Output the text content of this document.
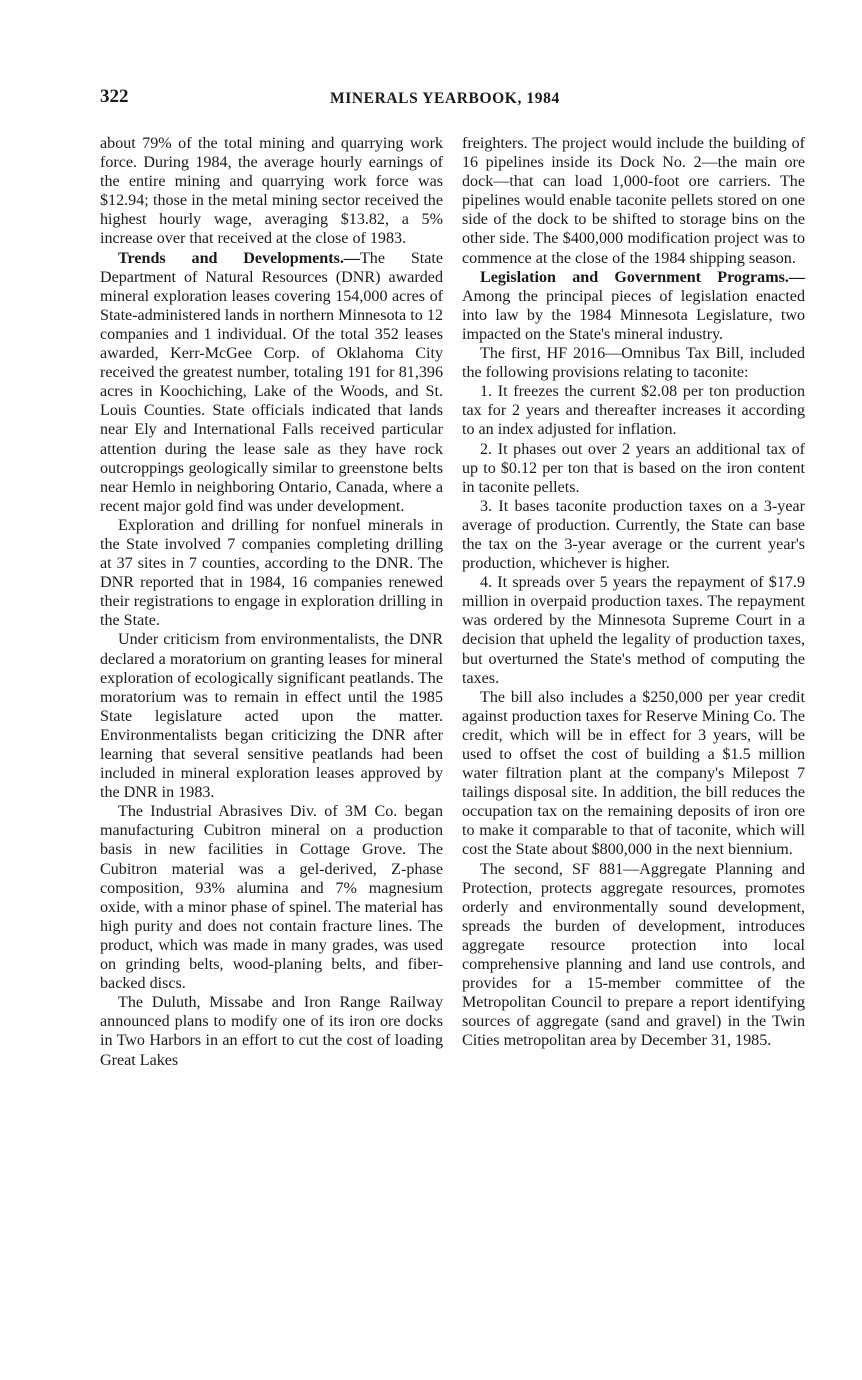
322	MINERALS YEARBOOK, 1984

about 79% of the total mining and quarrying work force. During 1984, the average hourly earnings of the entire mining and quarrying work force was $12.94; those in the metal mining sector received the highest hourly wage, averaging $13.82, a 5% increase over that received at the close of 1983.

Trends and Developments.—The State Department of Natural Resources (DNR) awarded mineral exploration leases covering 154,000 acres of State-administered lands in northern Minnesota to 12 companies and 1 individual. Of the total 352 leases awarded, Kerr-McGee Corp. of Oklahoma City received the greatest number, totaling 191 for 81,396 acres in Koochiching, Lake of the Woods, and St. Louis Counties. State officials indicated that lands near Ely and International Falls received particular attention during the lease sale as they have rock outcroppings geologically similar to greenstone belts near Hemlo in neighboring Ontario, Canada, where a recent major gold find was under development.

Exploration and drilling for nonfuel minerals in the State involved 7 companies completing drilling at 37 sites in 7 counties, according to the DNR. The DNR reported that in 1984, 16 companies renewed their registrations to engage in exploration drilling in the State.

Under criticism from environmentalists, the DNR declared a moratorium on granting leases for mineral exploration of ecologically significant peatlands. The moratorium was to remain in effect until the 1985 State legislature acted upon the matter. Environmentalists began criticizing the DNR after learning that several sensitive peatlands had been included in mineral exploration leases approved by the DNR in 1983.

The Industrial Abrasives Div. of 3M Co. began manufacturing Cubitron mineral on a production basis in new facilities in Cottage Grove. The Cubitron material was a gel-derived, Z-phase composition, 93% alumina and 7% magnesium oxide, with a minor phase of spinel. The material has high purity and does not contain fracture lines. The product, which was made in many grades, was used on grinding belts, wood-planing belts, and fiber-backed discs.

The Duluth, Missabe and Iron Range Railway announced plans to modify one of its iron ore docks in Two Harbors in an effort to cut the cost of loading Great Lakes

freighters. The project would include the building of 16 pipelines inside its Dock No. 2—the main ore dock—that can load 1,000-foot ore carriers. The pipelines would enable taconite pellets stored on one side of the dock to be shifted to storage bins on the other side. The $400,000 modification project was to commence at the close of the 1984 shipping season.

Legislation and Government Programs.—Among the principal pieces of legislation enacted into law by the 1984 Minnesota Legislature, two impacted on the State's mineral industry.

The first, HF 2016—Omnibus Tax Bill, included the following provisions relating to taconite:

1. It freezes the current $2.08 per ton production tax for 2 years and thereafter increases it according to an index adjusted for inflation.

2. It phases out over 2 years an additional tax of up to $0.12 per ton that is based on the iron content in taconite pellets.

3. It bases taconite production taxes on a 3-year average of production. Currently, the State can base the tax on the 3-year average or the current year's production, whichever is higher.

4. It spreads over 5 years the repayment of $17.9 million in overpaid production taxes. The repayment was ordered by the Minnesota Supreme Court in a decision that upheld the legality of production taxes, but overturned the State's method of computing the taxes.

The bill also includes a $250,000 per year credit against production taxes for Reserve Mining Co. The credit, which will be in effect for 3 years, will be used to offset the cost of building a $1.5 million water filtration plant at the company's Milepost 7 tailings disposal site. In addition, the bill reduces the occupation tax on the remaining deposits of iron ore to make it comparable to that of taconite, which will cost the State about $800,000 in the next biennium.

The second, SF 881—Aggregate Planning and Protection, protects aggregate resources, promotes orderly and environmentally sound development, spreads the burden of development, introduces aggregate resource protection into local comprehensive planning and land use controls, and provides for a 15-member committee of the Metropolitan Council to prepare a report identifying sources of aggregate (sand and gravel) in the Twin Cities metropolitan area by December 31, 1985.
